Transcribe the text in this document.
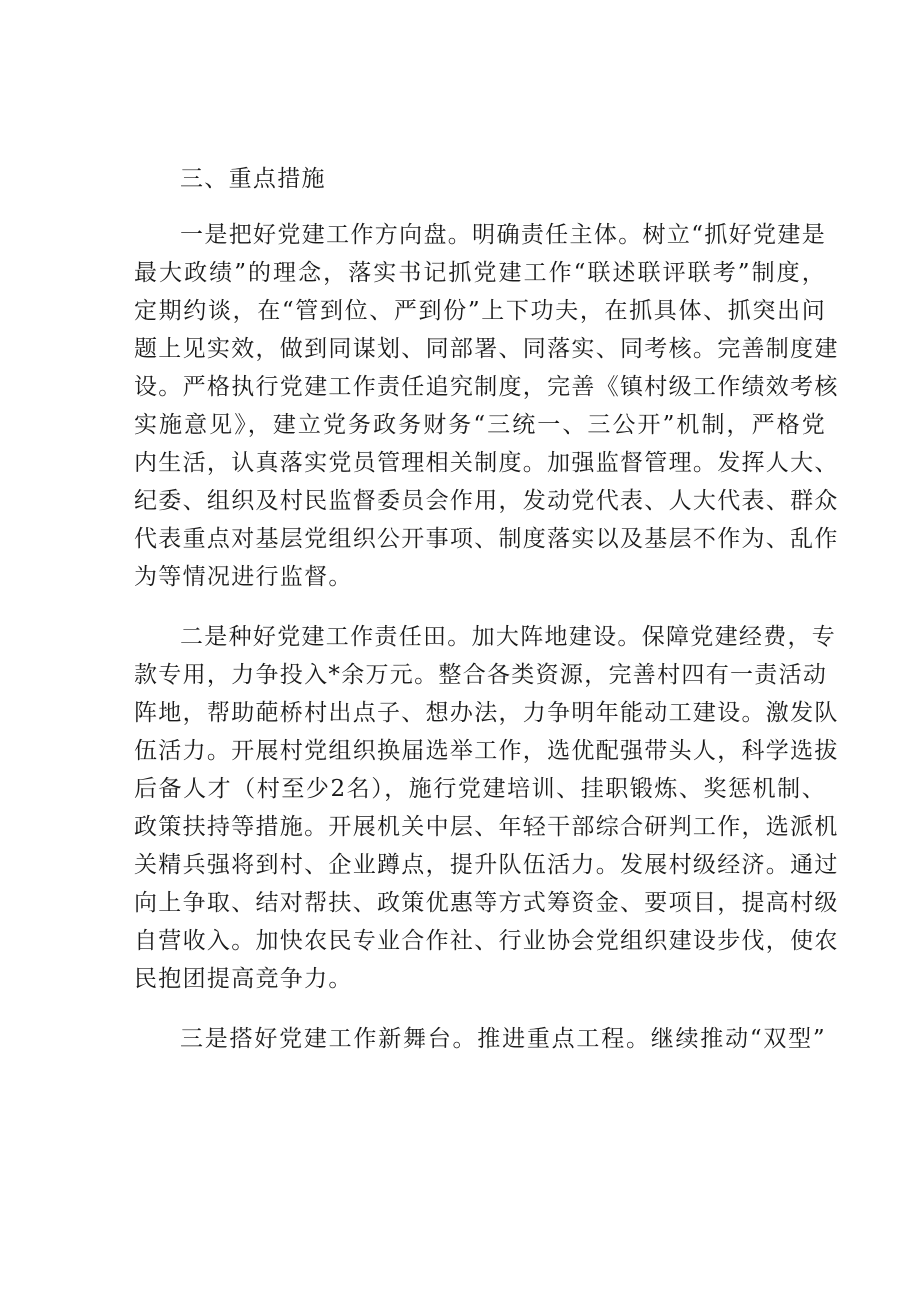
三、重点措施
一是把好党建工作方向盘。明确责任主体。树立“抓好党建是
最大政绩”的理念，落实书记抓党建工作“联述联评联考”制度，
定期约谈，在“管到位、严到份”上下功夫，在抓具体、抓突出问
题上见实效，做到同谋划、同部署、同落实、同考核。完善制度建
设。严格执行党建工作责任追究制度，完善《镇村级工作绩效考核
实施意见》，建立党务政务财务“三统一、三公开”机制，严格党
内生活，认真落实党员管理相关制度。加强监督管理。发挥人大、
纪委、组织及村民监督委员会作用，发动党代表、人大代表、群众
代表重点对基层党组织公开事项、制度落实以及基层不作为、乱作
为等情况进行监督。
二是种好党建工作责任田。加大阵地建设。保障党建经费，专
款专用，力争投入*余万元。整合各类资源，完善村四有一责活动
阵地，帮助葩桥村出点子、想办法，力争明年能动工建设。激发队
伍活力。开展村党组织换届选举工作，选优配强带头人，科学选拔
后备人才（村至少2名），施行党建培训、挂职锻炼、奖惩机制、
政策扶持等措施。开展机关中层、年轻干部综合研判工作，选派机
关精兵强将到村、企业蹲点，提升队伍活力。发展村级经济。通过
向上争取、结对帮扶、政策优惠等方式筹资金、要项目，提高村级
自营收入。加快农民专业合作社、行业协会党组织建设步伐，使农
民抱团提高竞争力。
三是搭好党建工作新舞台。推进重点工程。继续推动“双型”
